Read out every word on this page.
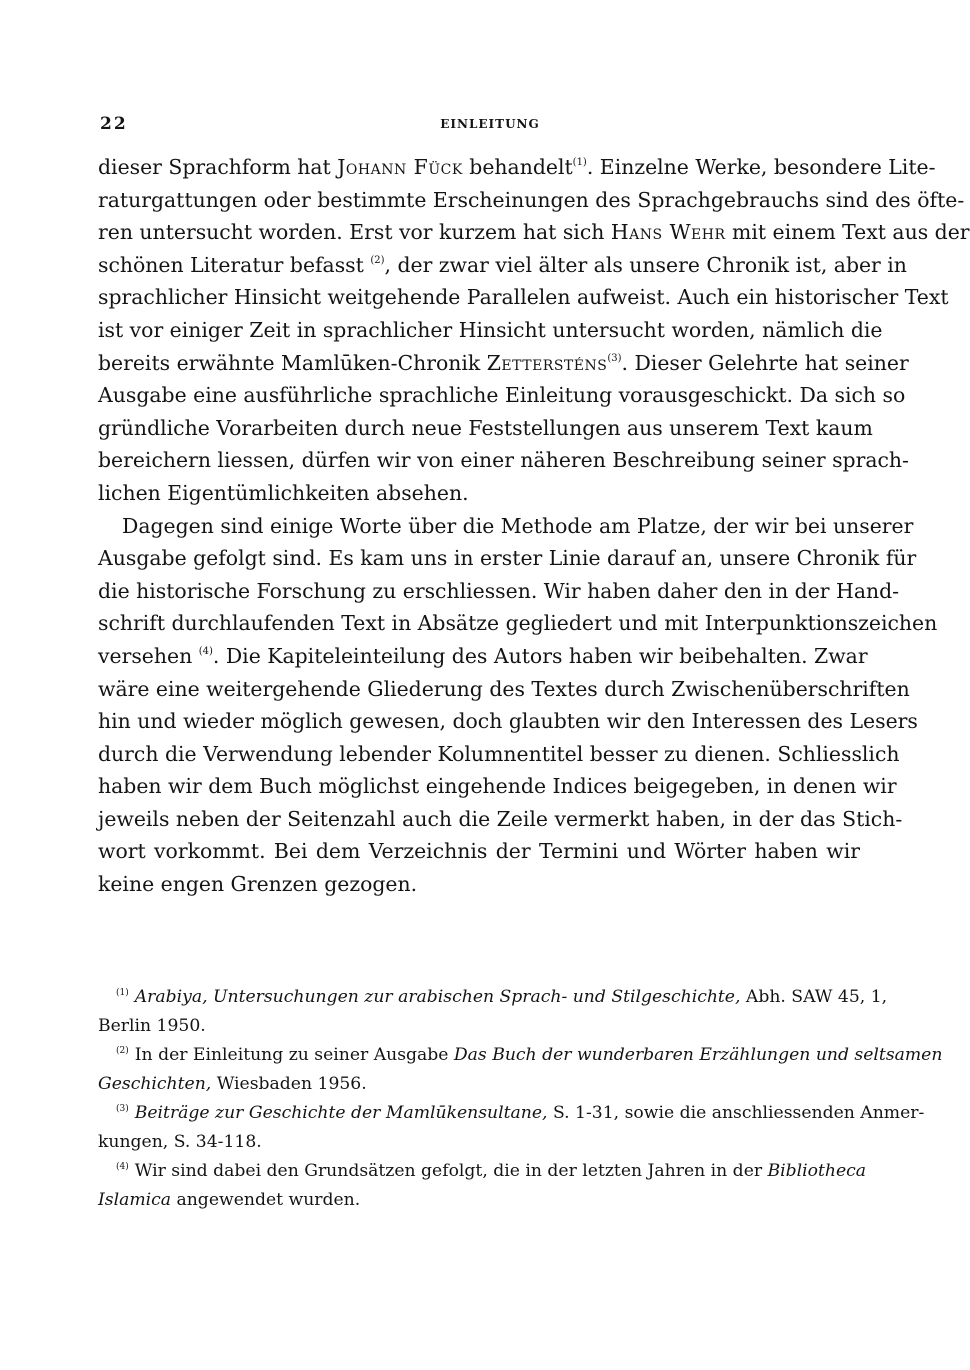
22	EINLEITUNG
dieser Sprachform hat Johann Fück behandelt$^{(1)}$. Einzelne Werke, besondere Lite-
raturgattungen oder bestimmte Erscheinungen des Sprachgebrauchs sind des öfte-
ren untersucht worden. Erst vor kurzem hat sich Hans Wehr mit einem Text aus der
schönen Literatur befasst $^{(2)}$, der zwar viel älter als unsere Chronik ist, aber in
sprachlicher Hinsicht weitgehende Parallelen aufweist. Auch ein historischer Text
ist vor einiger Zeit in sprachlicher Hinsicht untersucht worden, nämlich die
bereits erwähnte Mamlūken-Chronik Zettersténs$^{(3)}$. Dieser Gelehrte hat seiner
Ausgabe eine ausführliche sprachliche Einleitung vorausgeschickt. Da sich so
gründliche Vorarbeiten durch neue Feststellungen aus unserem Text kaum
bereichern liessen, dürfen wir von einer näheren Beschreibung seiner sprach-
lichen Eigentümlichkeiten absehen.
Dagegen sind einige Worte über die Methode am Platze, der wir bei unserer
Ausgabe gefolgt sind. Es kam uns in erster Linie darauf an, unsere Chronik für
die historische Forschung zu erschliessen. Wir haben daher den in der Hand-
schrift durchlaufenden Text in Absätze gegliedert und mit Interpunktionszeichen
versehen $^{(4)}$. Die Kapiteleinteilung des Autors haben wir beibehalten. Zwar
wäre eine weitergehende Gliederung des Textes durch Zwischenüberschriften
hin und wieder möglich gewesen, doch glaubten wir den Interessen des Lesers
durch die Verwendung lebender Kolumnentitel besser zu dienen. Schliesslich
haben wir dem Buch möglichst eingehende Indices beigegeben, in denen wir
jeweils neben der Seitenzahl auch die Zeile vermerkt haben, in der das Stich-
wort vorkommt. Bei dem Verzeichnis der Termini und Wörter haben wir
keine engen Grenzen gezogen.
$^{(1)}$ Arabiya, Untersuchungen zur arabischen Sprach- und Stilgeschichte, Abh. SAW 45, 1,
Berlin 1950.
$^{(2)}$ In der Einleitung zu seiner Ausgabe Das Buch der wunderbaren Erzählungen und seltsamen
Geschichten, Wiesbaden 1956.
$^{(3)}$ Beiträge zur Geschichte der Mamlūkensultane, S. 1-31, sowie die anschliessenden Anmer-
kungen, S. 34-118.
$^{(4)}$ Wir sind dabei den Grundsätzen gefolgt, die in der letzten Jahren in der Bibliotheca
Islamica angewendet wurden.
